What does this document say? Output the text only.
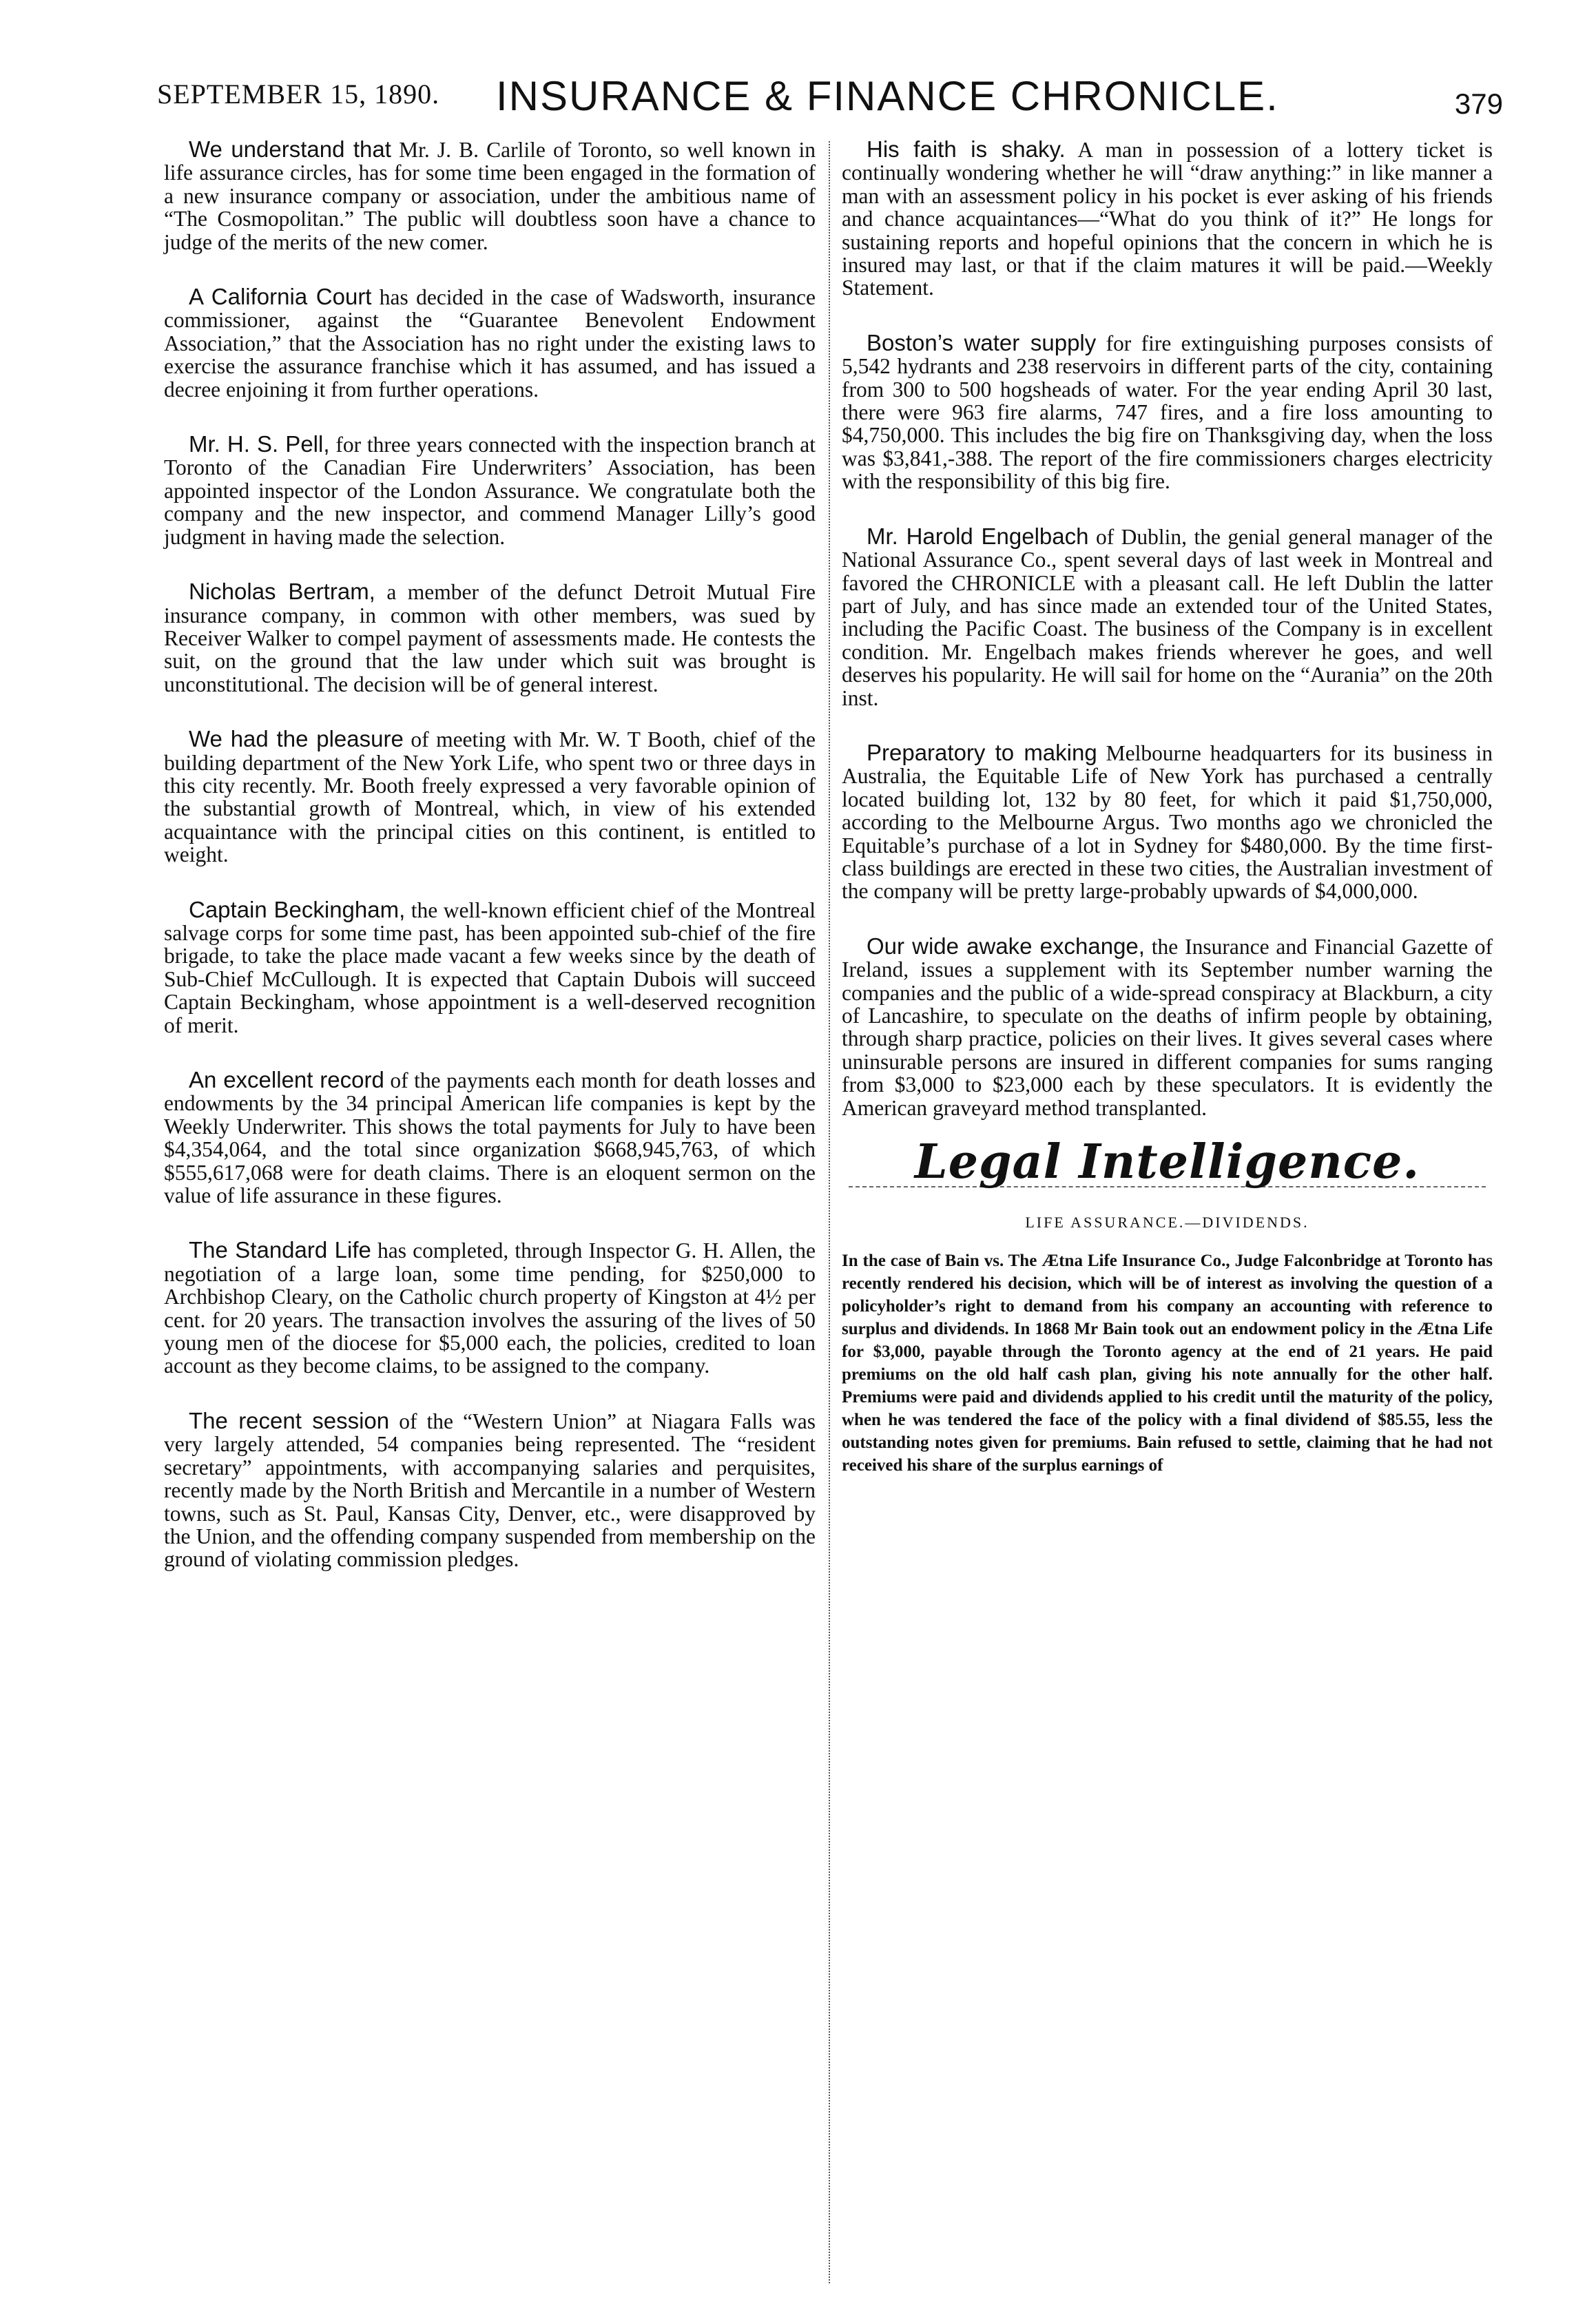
SEPTEMBER 15, 1890. INSURANCE & FINANCE CHRONICLE.	379

We understand that Mr. J. B. Carlile of Toronto, so well known in life assurance circles, has for some time been engaged in the formation of a new insurance company or association, under the ambitious name of “The Cosmopolitan.” The public will doubtless soon have a chance to judge of the merits of the new comer.

A California Court has decided in the case of Wadsworth, insurance commissioner, against the “Guarantee Benevolent Endowment Association,” that the Association has no right under the existing laws to exercise the assurance franchise which it has assumed, and has issued a decree enjoining it from further operations.

Mr. H. S. Pell, for three years connected with the inspection branch at Toronto of the Canadian Fire Underwriters’ Association, has been appointed inspector of the London Assurance. We congratulate both the company and the new inspector, and commend Manager Lilly’s good judgment in having made the selection.

Nicholas Bertram, a member of the defunct Detroit Mutual Fire insurance company, in common with other members, was sued by Receiver Walker to compel payment of assessments made. He contests the suit, on the ground that the law under which suit was brought is unconstitutional. The decision will be of general interest.

We had the pleasure of meeting with Mr. W. T Booth, chief of the building department of the New York Life, who spent two or three days in this city recently. Mr. Booth freely expressed a very favorable opinion of the substantial growth of Montreal, which, in view of his extended acquaintance with the principal cities on this continent, is entitled to weight.

Captain Beckingham, the well-known efficient chief of the Montreal salvage corps for some time past, has been appointed sub-chief of the fire brigade, to take the place made vacant a few weeks since by the death of Sub-Chief McCullough. It is expected that Captain Dubois will succeed Captain Beckingham, whose appointment is a well-deserved recognition of merit.

An excellent record of the payments each month for death losses and endowments by the 34 principal American life companies is kept by the Weekly Underwriter. This shows the total payments for July to have been $4,354,064, and the total since organization $668,945,763, of which $555,617,068 were for death claims. There is an eloquent sermon on the value of life assurance in these figures.

The Standard Life has completed, through Inspector G. H. Allen, the negotiation of a large loan, some time pending, for $250,000 to Archbishop Cleary, on the Catholic church property of Kingston at 4½ per cent. for 20 years. The transaction involves the assuring of the lives of 50 young men of the diocese for $5,000 each, the policies, credited to loan account as they become claims, to be assigned to the company.

The recent session of the “Western Union” at Niagara Falls was very largely attended, 54 companies being represented. The “resident secretary” appointments, with accompanying salaries and perquisites, recently made by the North British and Mercantile in a number of Western towns, such as St. Paul, Kansas City, Denver, etc., were disapproved by the Union, and the offending company suspended from membership on the ground of violating commission pledges.

His faith is shaky. A man in possession of a lottery ticket is continually wondering whether he will “draw anything:” in like manner a man with an assessment policy in his pocket is ever asking of his friends and chance acquaintances—“What do you think of it?” He longs for sustaining reports and hopeful opinions that the concern in which he is insured may last, or that if the claim matures it will be paid.—Weekly Statement.

Boston’s water supply for fire extinguishing purposes consists of 5,542 hydrants and 238 reservoirs in different parts of the city, containing from 300 to 500 hogsheads of water. For the year ending April 30 last, there were 963 fire alarms, 747 fires, and a fire loss amounting to $4,750,000. This includes the big fire on Thanksgiving day, when the loss was $3,841,-388. The report of the fire commissioners charges electricity with the responsibility of this big fire.

Mr. Harold Engelbach of Dublin, the genial general manager of the National Assurance Co., spent several days of last week in Montreal and favored the CHRONICLE with a pleasant call. He left Dublin the latter part of July, and has since made an extended tour of the United States, including the Pacific Coast. The business of the Company is in excellent condition. Mr. Engelbach makes friends wherever he goes, and well deserves his popularity. He will sail for home on the “Aurania” on the 20th inst.

Preparatory to making Melbourne headquarters for its business in Australia, the Equitable Life of New York has purchased a centrally located building lot, 132 by 80 feet, for which it paid $1,750,000, according to the Melbourne Argus. Two months ago we chronicled the Equitable’s purchase of a lot in Sydney for $480,000. By the time first-class buildings are erected in these two cities, the Australian investment of the company will be pretty large-probably upwards of $4,000,000.

Our wide awake exchange, the Insurance and Financial Gazette of Ireland, issues a supplement with its September number warning the companies and the public of a wide-spread conspiracy at Blackburn, a city of Lancashire, to speculate on the deaths of infirm people by obtaining, through sharp practice, policies on their lives. It gives several cases where uninsurable persons are insured in different companies for sums ranging from $3,000 to $23,000 each by these speculators. It is evidently the American graveyard method transplanted.

Legal Intelligence.
LIFE ASSURANCE.—DIVIDENDS.

In the case of Bain vs. The Ætna Life Insurance Co., Judge Falconbridge at Toronto has recently rendered his decision, which will be of interest as involving the question of a policyholder’s right to demand from his company an accounting with reference to surplus and dividends. In 1868 Mr Bain took out an endowment policy in the Ætna Life for $3,000, payable through the Toronto agency at the end of 21 years. He paid premiums on the old half cash plan, giving his note annually for the other half. Premiums were paid and dividends applied to his credit until the maturity of the policy, when he was tendered the face of the policy with a final dividend of $85.55, less the outstanding notes given for premiums. Bain refused to settle, claiming that he had not received his share of the surplus earnings of
